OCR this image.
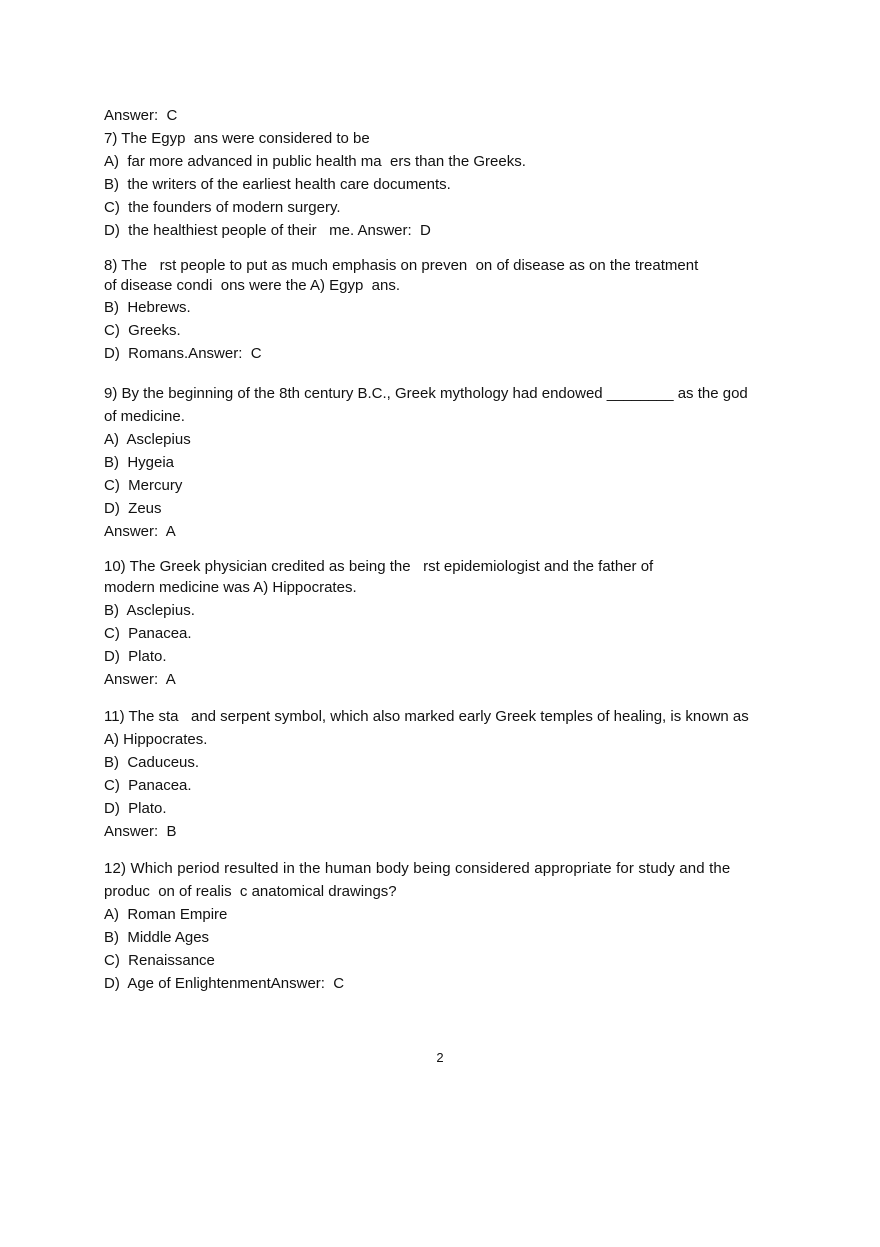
Answer:  C
7) The Egyp  ans were considered to be
A)  far more advanced in public health ma  ers than the Greeks.
B)  the writers of the earliest health care documents.
C)  the founders of modern surgery.
D)  the healthiest people of their   me. Answer:  D
8) The   rst people to put as much emphasis on preven  on of disease as on the treatment
of disease condi  ons were the A) Egyp  ans.
B)  Hebrews.
C)  Greeks.
D)  Romans.Answer:  C
9) By the beginning of the 8th century B.C., Greek mythology had endowed ________ as the god
of medicine.
A)  Asclepius
B)  Hygeia
C)  Mercury
D)  Zeus
Answer:  A
10) The Greek physician credited as being the   rst epidemiologist and the father of
modern medicine was A) Hippocrates.
B)  Asclepius.
C)  Panacea.
D)  Plato.
Answer:  A
11) The sta   and serpent symbol, which also marked early Greek temples of healing, is known as
A) Hippocrates.
B)  Caduceus.
C)  Panacea.
D)  Plato.
Answer:  B
12) Which period resulted in the human body being considered appropriate for study and the
produc  on of realis  c anatomical drawings?
A)  Roman Empire
B)  Middle Ages
C)  Renaissance
D)  Age of EnlightenmentAnswer:  C
2
